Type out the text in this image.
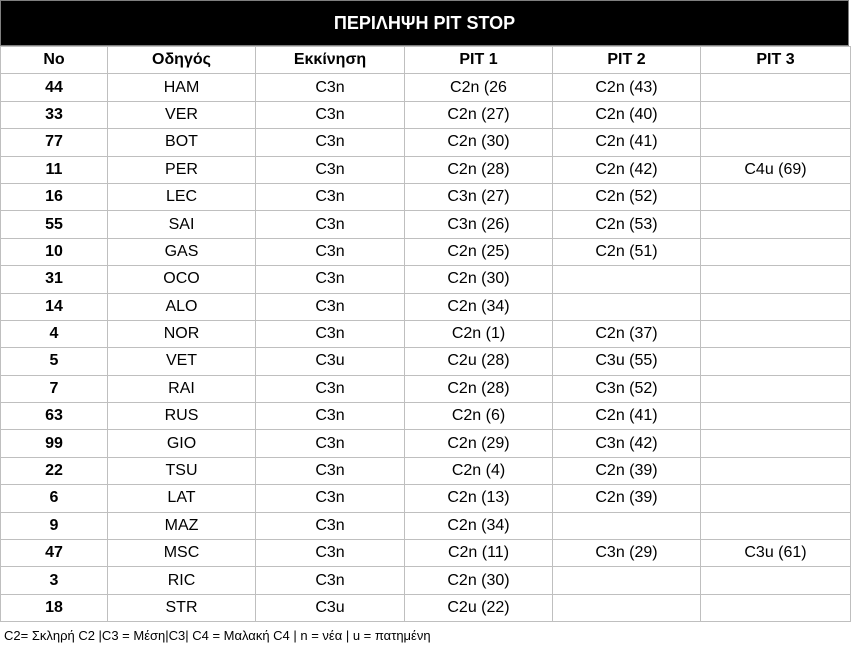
ΠΕΡΙΛΗΨΗ PIT STOP
No	Οδηγός	Εκκίνηση	PIT 1	PIT 2	PIT 3
44	HAM	C3n	C2n (26	C2n (43)	
33	VER	C3n	C2n (27)	C2n (40)	
77	BOT	C3n	C2n (30)	C2n (41)	
11	PER	C3n	C2n (28)	C2n (42)	C4u (69)
16	LEC	C3n	C3n (27)	C2n (52)	
55	SAI	C3n	C3n (26)	C2n (53)	
10	GAS	C3n	C2n (25)	C2n (51)	
31	OCO	C3n	C2n (30)		
14	ALO	C3n	C2n (34)		
4	NOR	C3n	C2n (1)	C2n (37)	
5	VET	C3u	C2u (28)	C3u (55)	
7	RAI	C3n	C2n (28)	C3n (52)	
63	RUS	C3n	C2n (6)	C2n (41)	
99	GIO	C3n	C2n (29)	C3n (42)	
22	TSU	C3n	C2n (4)	C2n (39)	
6	LAT	C3n	C2n (13)	C2n (39)	
9	MAZ	C3n	C2n (34)		
47	MSC	C3n	C2n (11)	C3n (29)	C3u (61)
3	RIC	C3n	C2n (30)		
18	STR	C3u	C2u (22)		
C2= Σκληρή C2 |C3 = Μέση|C3| C4 = Μαλακή C4 | n = νέα | u = πατημένη
